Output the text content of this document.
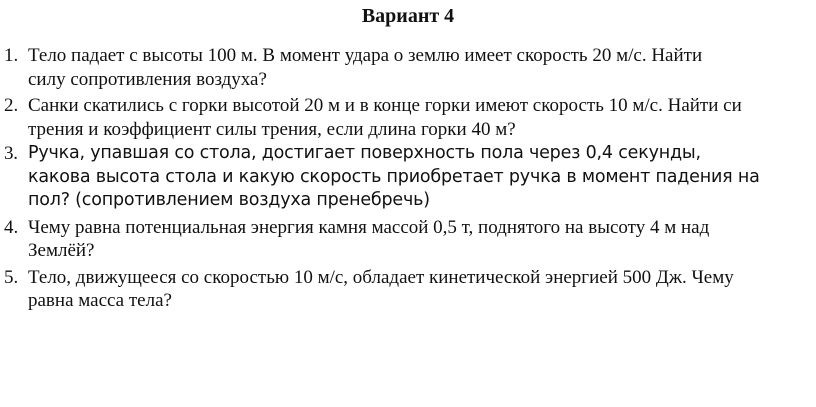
Вариант 4
1. Тело падает с высоты 100 м. В момент удара о землю имеет скорость 20 м/с. Найти
силу сопротивления воздуха?
2. Санки скатились с горки высотой 20 м и в конце горки имеют скорость 10 м/с. Найти си
трения и коэффициент силы трения, если длина горки 40 м?
3. Ручка, упавшая со стола, достигает поверхность пола через 0,4 секунды,
какова высота стола и какую скорость приобретает ручка в момент падения на
пол? (сопротивлением воздуха пренебречь)
4. Чему равна потенциальная энергия камня массой 0,5 т, поднятого на высоту 4 м над
Землёй?
5. Тело, движущееся со скоростью 10 м/с, обладает кинетической энергией 500 Дж. Чему
равна масса тела?
